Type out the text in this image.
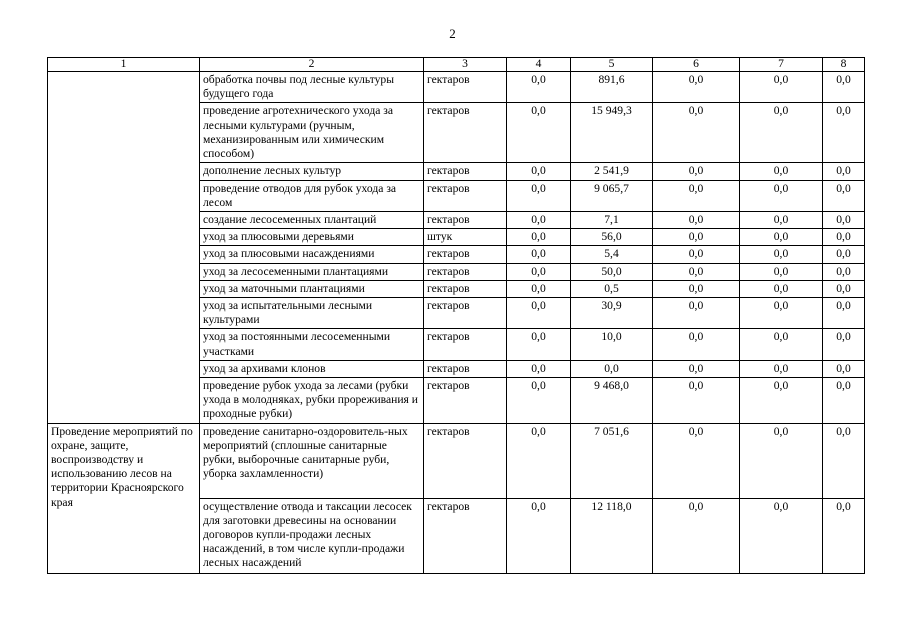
2
1	2	3	4	5	6	7	8
	обработка почвы под лесные культуры будущего года	гектаров	0,0	891,6	0,0	0,0	0,0
	проведение агротехнического ухода за лесными культурами (ручным, механизированным или химическим способом)	гектаров	0,0	15 949,3	0,0	0,0	0,0
	дополнение лесных культур	гектаров	0,0	2 541,9	0,0	0,0	0,0
	проведение отводов для рубок ухода за лесом	гектаров	0,0	9 065,7	0,0	0,0	0,0
	создание лесосеменных плантаций	гектаров	0,0	7,1	0,0	0,0	0,0
	уход за плюсовыми деревьями	штук	0,0	56,0	0,0	0,0	0,0
	уход за плюсовыми насаждениями	гектаров	0,0	5,4	0,0	0,0	0,0
	уход за лесосеменными плантациями	гектаров	0,0	50,0	0,0	0,0	0,0
	уход за маточными плантациями	гектаров	0,0	0,5	0,0	0,0	0,0
	уход за испытательными лесными культурами	гектаров	0,0	30,9	0,0	0,0	0,0
	уход за постоянными лесосеменными участками	гектаров	0,0	10,0	0,0	0,0	0,0
	уход за архивами клонов	гектаров	0,0	0,0	0,0	0,0	0,0
	проведение рубок ухода за лесами (рубки ухода в молодняках, рубки прореживания и проходные рубки)	гектаров	0,0	9 468,0	0,0	0,0	0,0
Проведение мероприятий по охране, защите, воспроизводству и использованию лесов на территории Красноярского края	проведение санитарно-оздоровитель-ных мероприятий (сплошные санитарные рубки, выборочные санитарные руби, уборка захламленности)	гектаров	0,0	7 051,6	0,0	0,0	0,0
	осуществление отвода и таксации лесосек для заготовки древесины на основании договоров купли-продажи лесных насаждений, в том числе купли-продажи лесных насаждений	гектаров	0,0	12 118,0	0,0	0,0	0,0
